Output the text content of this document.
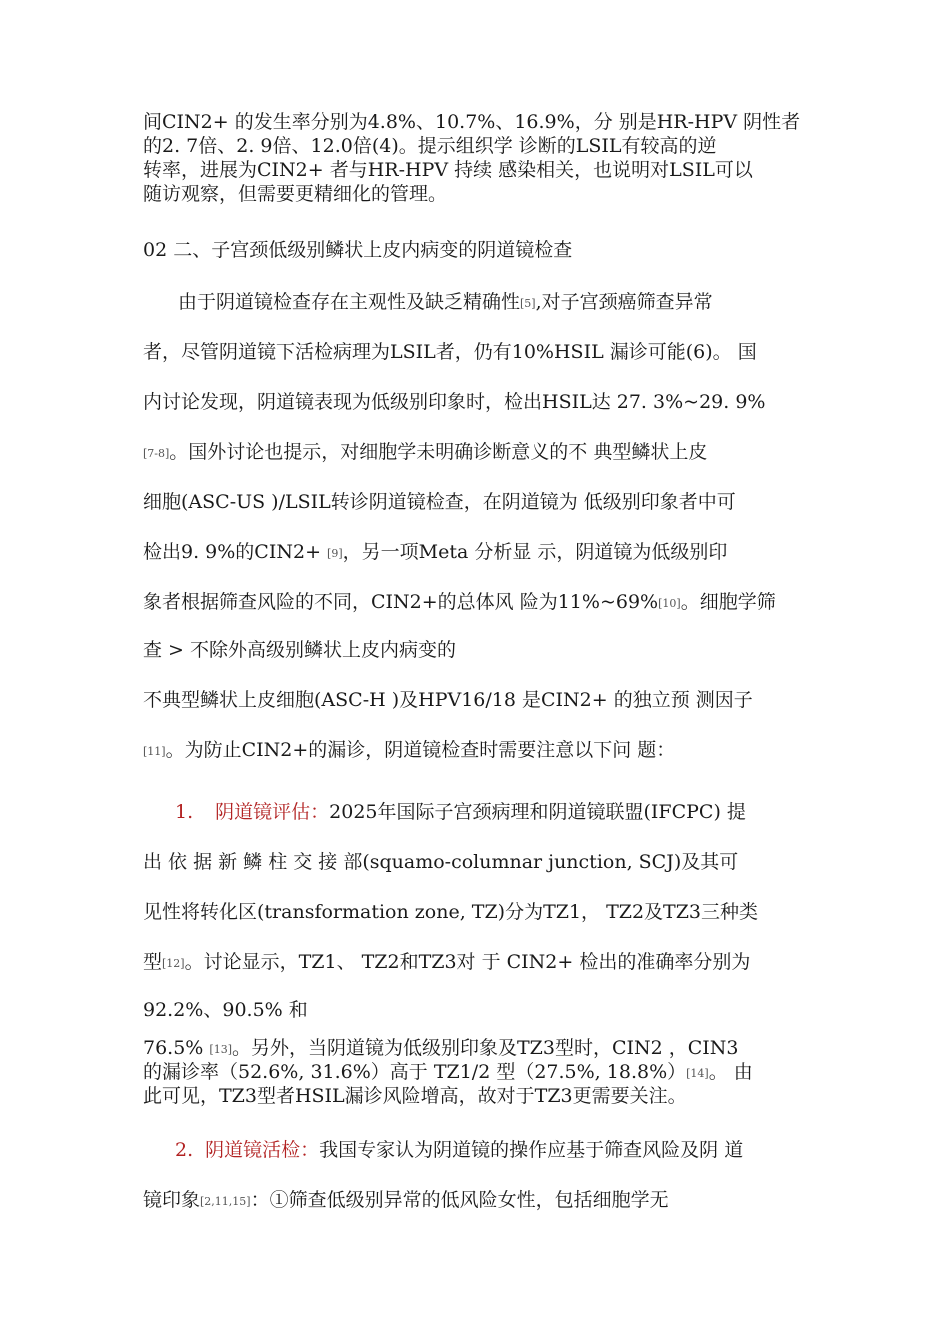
间CIN2+ 的发生率分别为4.8%、10.7%、16.9%，分 别是HR-HPV 阴性者
的2. 7倍、2. 9倍、12.0倍(4)。提示组织学 诊断的LSIL有较高的逆
转率，进展为CIN2+ 者与HR-HPV 持续 感染相关，也说明对LSIL可以
随访观察，但需要更精细化的管理。
02 二、子宫颈低级别鳞状上皮内病变的阴道镜检查
由于阴道镜检查存在主观性及缺乏精确性[5],对子宫颈癌筛查异常
者，尽管阴道镜下活检病理为LSIL者，仍有10%HSIL 漏诊可能(6)。 国
内讨论发现，阴道镜表现为低级别印象时，检出HSIL达 27. 3%~29. 9%
[7-8]。国外讨论也提示，对细胞学未明确诊断意义的不 典型鳞状上皮
细胞(ASC-US )/LSIL转诊阴道镜检查，在阴道镜为 低级别印象者中可
检出9. 9%的CIN2+ [9]，另一项Meta 分析显 示，阴道镜为低级别印
象者根据筛查风险的不同，CIN2+的总体风 险为11%~69%[10]。细胞学筛
查 > 不除外高级别鳞状上皮内病变的
不典型鳞状上皮细胞(ASC-H )及HPV16/18 是CIN2+ 的独立预 测因子
[11]。为防止CIN2+的漏诊，阴道镜检查时需要注意以下问 题：
1. 阴道镜评估：2025年国际子宫颈病理和阴道镜联盟(IFCPC) 提
出 依 据 新 鳞 柱 交 接 部(squamo-columnar junction, SCJ)及其可
见性将转化区(transformation zone, TZ)分为TZ1， TZ2及TZ3三种类
型[12]。讨论显示，TZ1、 TZ2和TZ3对 于 CIN2+ 检出的准确率分别为
92.2%、90.5% 和
76.5% [13]。另外，当阴道镜为低级别印象及TZ3型时，CIN2 ，CIN3
的漏诊率（52.6%, 31.6%）高于 TZ1/2 型（27.5%, 18.8%）[14]。 由
此可见，TZ3型者HSIL漏诊风险增高，故对于TZ3更需要关注。
2. 阴道镜活检：我国专家认为阴道镜的操作应基于筛查风险及阴 道
镜印象[2,11,15]：①筛查低级别异常的低风险女性，包括细胞学无
